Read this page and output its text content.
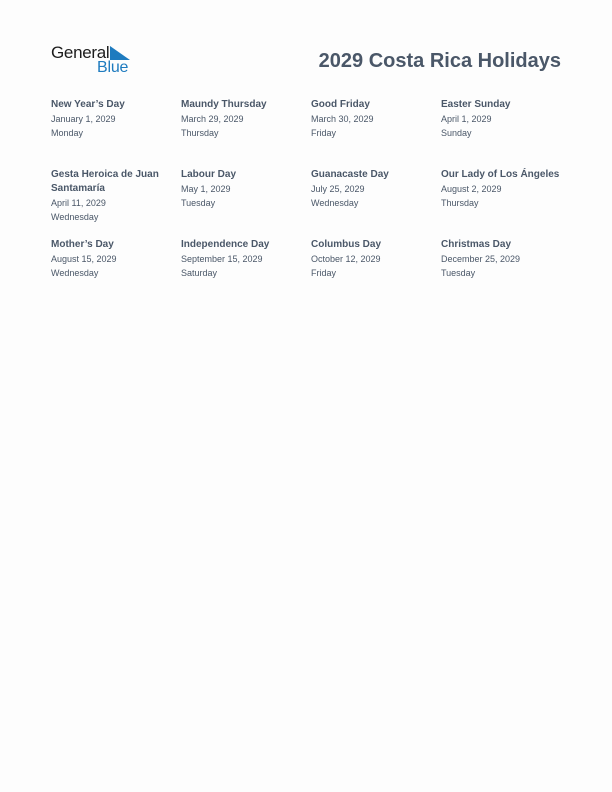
General
Blue	2029 Costa Rica Holidays
New Year’s Day
January 1, 2029
Monday
Maundy Thursday
March 29, 2029
Thursday
Good Friday
March 30, 2029
Friday
Easter Sunday
April 1, 2029
Sunday
Gesta Heroica de Juan Santamaría
April 11, 2029
Wednesday
Labour Day
May 1, 2029
Tuesday
Guanacaste Day
July 25, 2029
Wednesday
Our Lady of Los Ángeles
August 2, 2029
Thursday
Mother’s Day
August 15, 2029
Wednesday
Independence Day
September 15, 2029
Saturday
Columbus Day
October 12, 2029
Friday
Christmas Day
December 25, 2029
Tuesday
